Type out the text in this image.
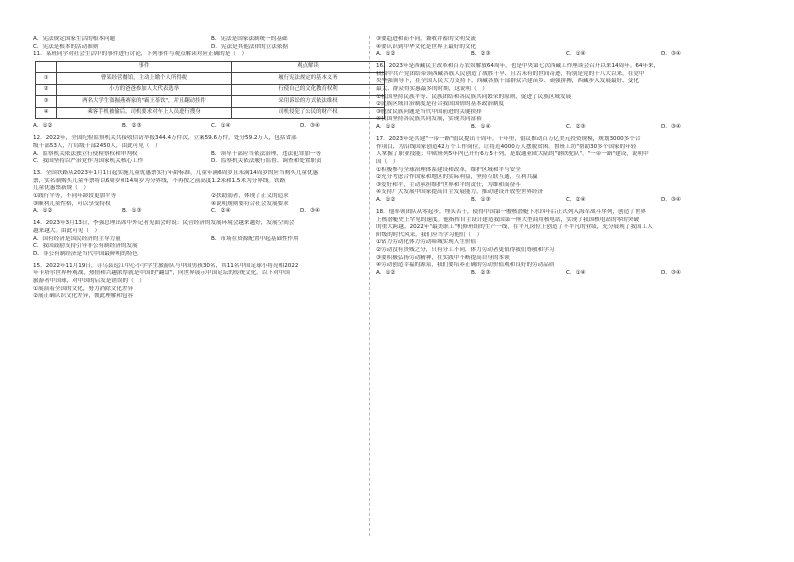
A．宪法规定国家生活的根本问题	B．宪法是国家法制统一的基础
C．宪法是根本的活动准则	D．宪法是其他法律的立法依据
11．某班同学对社会生活中的事件进行讨论，下列事件与观点解读对应正确的是（　）
	事件	观点解读
①	曹某经营餐馆，主动上缴个人所得税	履行宪法规定的基本义务
②	小方的爸爸参加人大代表选举	行使自己的文化教育权利
③	两名大学生盗掘燕赛家的"霸王茶饮"，并且翻动挂件	采用诉讼的方式依法维权
④	乘客手机被偷后，司机要求对车上人员进行搜身	司机侵犯了公民的财产权
A．①②	B．②③	C．①④	D．③④
12．2022年，全国纪检监察机关共接收信访举报344.4万件次，立案59.6万件，处分59.2万人，包括省部
级干部53人，厅局级干部2450人，由此可见（　）
A．监察机关依法独立行使检察权和审判权	B．领导干部应当依法治理，违法犯罪加一等
C．我国坚持以严治党作为国家机关核心工作	D．监察机关依法履行监督、调查和处置职责
13．全国铁路从2023年1月1日起实施儿童优惠票实行年龄标准，儿童年满6周岁且未满14周岁的应当购买儿童优惠
票，实名制购买儿童车票将以6周岁和14周岁为分界线，不再按之前高度1.2米和1.5米为分界线。铁路
儿童优惠票新规（　）
①践行平等，不同年龄段更加平等	②扶助弱者，体现了正义的追求
③顺利儿童性格，可以享受特权	④说明规则要符合社会发展要求
A．①②	B．①③	C．②④	D．③④
14．2023年3月13日，李强总理出席中外记者见面会时说：民营经济的发展环境会越来越好，发展空间会
越来越大。由此可见（　）
A．国有经济是国民经济的主导力量	B．市场在资源配置中起基础性作用
C．我国鼓励支持引导非公有制经济的发展
D．非公有制经济是当代中国最鲜明的特色
15．2022年11月19日，寻乌县逗江中心小学学生旅游队与中国男孩30名，其11名中国足球小将亮相2022
年卡塔尔世界杯观战，热情和兴趣浓厚就是中国的"翻盘"，向世界展示中国足坛的传统文化。以下对中国
旅游者中国球，对中国的启发是错误的（　）
①展演着全国的文化，努力消除文化差异
②展正确认识文化差异，彼此理解和包容
③要趋进和而不同，兼收并蓄的文明交流
④要认识到中华文化是世界上最好的文化
A．①②	B．②③	C．①④	D．③④
16．2023年是西藏民主改革和百万农奴解放64周年，也是中央第七次西藏工作座谈会召开以来14周年。64年来，
我国中共产党团结带领西藏各族人民创造了战胜干旱、且古未有的世间奇迹，特别是党的十八大以来，在党中
央坚强领导下，在全国人民大力支持下，西藏各族干部群众兴建苗乡、顽强拼搏，西藏步入发展最好、变化
最大、群众得实惠最多的时期，这说明（　）
①我国坚持民族平等、民族团结和各民族共同繁荣的原则，促进了民族区域发展
②民族区域自治制度是符合我国国情的基本政治制度
③脱贫民族问题是当代中国前进的关键抉择
④我国坚持各民族共同发展，实现共同富裕
A．①②	B．①④	C．②③	D．③④
17．2023年是共建"一带一路"倡议提出十周年。十年里，倡议推动百万亿美元投资规模，规划3000多个合
作项目，为沿线国家创造42万个工作岗位，让将近4000万人摆脱贫困。鲁班工坊"帮助30多个国家的年轻
人掌握了职业技能；中欧班列5年内已开行6万5千列，是取通亚欧大陆的"钢铁驼队"。"一带一路"建设，说明中
国（　）
①积极参与全球治理体系建设和改革，维护区域和平与安全
②充分考虑合作国家和地区的实际利益，坚持互联互通，互利共赢
③爱好和平，主动承担维护世界和平的责任，为维和而奋斗
④支持广大发展中国家提高自主发展能力，推动建设开放型世界经济
A．①②	B．①③	C．②④	D．③④
18．他率领团队从零起步，埋头苦干，使得中国第一艘核潜艇下水四年后正式列入海军战斗序列，创造了世界
上核潜艇史上罕见的速度。他指挥自主设计建造我国第一座大型商用核电站，实现了我国核电站的零的突破
的重大跨越。2022年"最美职工"机修班组的生产一线，在平凡岗位上创造了不平凡的业绩，充分展现了我国工人
阶级的时代风采。我们应当学习他们（　）
①钻力劳动化体力劳动缔城实现人生价值
②劳动没有贵贱之分，只有分工不同，体力劳动者更值得我们尊敬和学习
③要积极弘扬劳动精神，在实践中不断提高自身的本领
④劳动创造幸福的源泉，我们要培养正确的劳动价值观和良好的劳动品质
A．①②	B．②③	C．①④	D．③④
